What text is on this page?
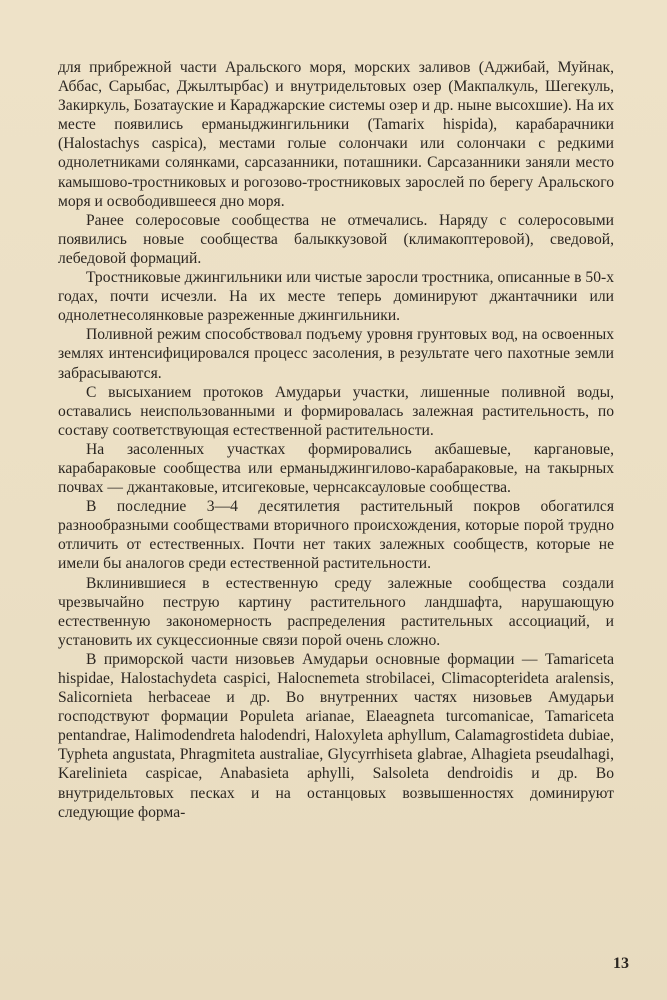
для прибрежной части Аральского моря, морских заливов (Аджибай, Муйнак, Аббас, Сарыбас, Джылтырбас) и внутридельтовых озер (Макпалкуль, Шегекуль, Закиркуль, Бозатауские и Караджарские системы озер и др. ныне высохшие). На их месте появились ерманыджингильники (Tamarix hispida), карабарачники (Halostachys caspica), местами голые солончаки или солончаки с редкими однолетниками солянками, сарсазанники, поташники. Сарсазанники заняли место камышово-тростниковых и рогозово-тростниковых зарослей по берегу Аральского моря и освободившееся дно моря.

Ранее солеросовые сообщества не отмечались. Наряду с солеросовыми появились новые сообщества балыккузовой (климакоптеровой), сведовой, лебедовой формаций.

Тростниковые джингильники или чистые заросли тростника, описанные в 50-х годах, почти исчезли. На их месте теперь доминируют джантачники или однолетнесолянковые разреженные джингильники.

Поливной режим способствовал подъему уровня грунтовых вод, на освоенных землях интенсифицировался процесс засоления, в результате чего пахотные земли забрасываются.

С высыханием протоков Амударьи участки, лишенные поливной воды, оставались неиспользованными и формировалась залежная растительность, по составу соответствующая естественной растительности.

На засоленных участках формировались акбашевые, каргановые, карабараковые сообщества или ерманыджингилово-карабараковые, на такырных почвах — джантаковые, итсигековые, чернсаксауловые сообщества.

В последние 3—4 десятилетия растительный покров обогатился разнообразными сообществами вторичного происхождения, которые порой трудно отличить от естественных. Почти нет таких залежных сообществ, которые не имели бы аналогов среди естественной растительности.

Вклинившиеся в естественную среду залежные сообщества создали чрезвычайно пеструю картину растительного ландшафта, нарушающую естественную закономерность распределения растительных ассоциаций, и установить их сукцессионные связи порой очень сложно.

В приморской части низовьев Амударьи основные формации — Tamariceta hispidae, Halostachydeta caspici, Halocnemeta strobilacei, Climacopterideta aralensis, Salicornieta herbaceae и др. Во внутренних частях низовьев Амударьи господствуют формации Populeta arianae, Elaeagneta turcomanicae, Tamariceta pentandrae, Halimodendreta halodendri, Haloxyleta aphyllum, Calamagrostideta dubiae, Typheta angustata, Phragmiteta australiae, Glycyrrhiseta glabrae, Alhagieta pseudalhagi, Karelinieta caspicae, Anabasieta aphylli, Salsoleta dendroidis и др. Во внутридельтовых песках и на останцовых возвышенностях доминируют следующие форма-

13
